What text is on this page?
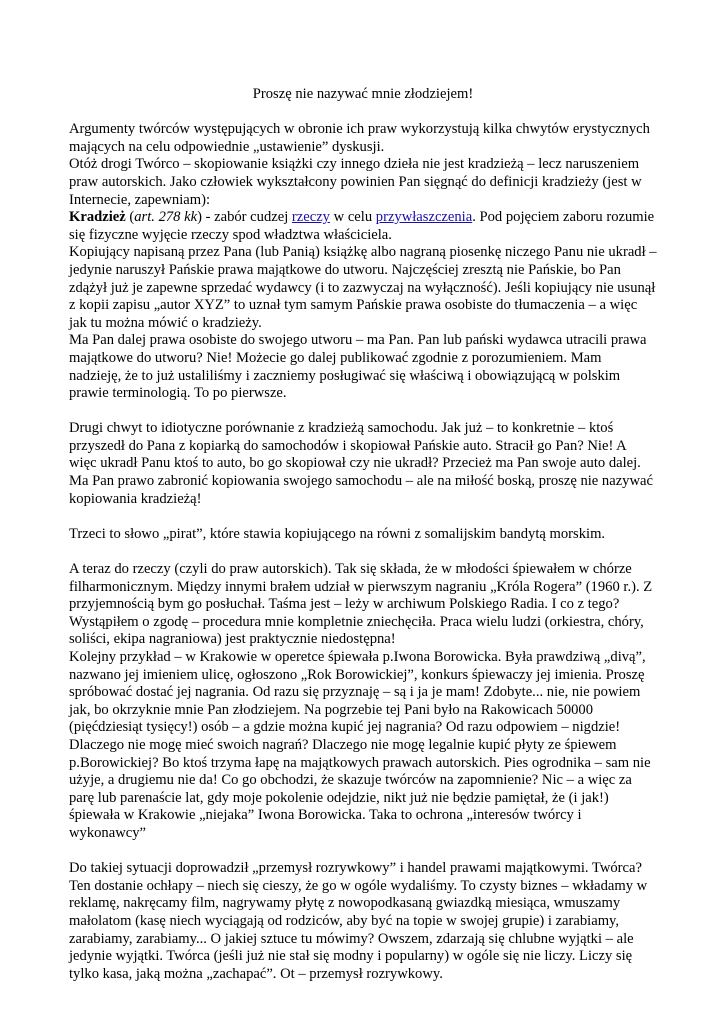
Proszę nie nazywać mnie złodziejem!

Argumenty twórców występujących w obronie ich praw wykorzystują kilka chwytów erystycznych mających na celu odpowiednie „ustawienie” dyskusji.

Otóż drogi Twórco – skopiowanie książki czy innego dzieła nie jest kradzieżą – lecz naruszeniem praw autorskich. Jako człowiek wykształcony powinien Pan sięgnąć do definicji kradzieży (jest w Internecie, zapewniam):

Kradzież (art. 278 kk) - zabór cudzej rzeczy w celu przywłaszczenia. Pod pojęciem zaboru rozumie się fizyczne wyjęcie rzeczy spod władztwa właściciela.

Kopiujący napisaną przez Pana (lub Panią) książkę albo nagraną piosenkę niczego Panu nie ukradł – jedynie naruszył Pańskie prawa majątkowe do utworu. Najczęściej zresztą nie Pańskie, bo Pan zdążył już je zapewne sprzedać wydawcy (i to zazwyczaj na wyłączność). Jeśli kopiujący nie usunął z kopii zapisu „autor XYZ” to uznał tym samym Pańskie prawa osobiste do tłumaczenia – a więc jak tu można mówić o kradzieży.

Ma Pan dalej prawa osobiste do swojego utworu – ma Pan. Pan lub pański wydawca utracili prawa majątkowe do utworu? Nie! Możecie go dalej publikować zgodnie z porozumieniem. Mam nadzieję, że to już ustaliliśmy i zaczniemy posługiwać się właściwą i obowiązującą w polskim prawie terminologią. To po pierwsze.

Drugi chwyt to idiotyczne porównanie z kradzieżą samochodu. Jak już – to konkretnie – ktoś przyszedł do Pana z kopiarką do samochodów i skopiował Pańskie auto. Stracił go Pan? Nie! A więc ukradł Panu ktoś to auto, bo go skopiował czy nie ukradł? Przecież ma Pan swoje auto dalej. Ma Pan prawo zabronić kopiowania swojego samochodu – ale na miłość boską, proszę nie nazywać kopiowania kradzieżą!

Trzeci to słowo „pirat”, które stawia kopiującego na równi z somalijskim bandytą morskim.

A teraz do rzeczy (czyli do praw autorskich). Tak się składa, że w młodości śpiewałem w chórze filharmonicznym. Między innymi brałem udział w pierwszym nagraniu „Króla Rogera” (1960 r.). Z przyjemnością bym go posłuchał. Taśma jest – leży w archiwum Polskiego Radia. I co z tego? Wystąpiłem o zgodę – procedura mnie kompletnie zniechęciła. Praca wielu ludzi (orkiestra, chóry, soliści, ekipa nagraniowa) jest praktycznie niedostępna!

Kolejny przykład – w Krakowie w operetce śpiewała p.Iwona Borowicka. Była prawdziwą „divą”, nazwano jej imieniem ulicę, ogłoszono „Rok Borowickiej”, konkurs śpiewaczy jej imienia. Proszę spróbować dostać jej nagrania. Od razu się przyznaję – są i ja je mam! Zdobyte... nie, nie powiem jak, bo okrzyknie mnie Pan złodziejem. Na pogrzebie tej Pani było na Rakowicach 50000 (pięćdziesiąt tysięcy!) osób – a gdzie można kupić jej nagrania? Od razu odpowiem – nigdzie! Dlaczego nie mogę mieć swoich nagrań? Dlaczego nie mogę legalnie kupić płyty ze śpiewem p.Borowickiej? Bo ktoś trzyma łapę na majątkowych prawach autorskich. Pies ogrodnika – sam nie użyje, a drugiemu nie da! Co go obchodzi, że skazuje twórców na zapomnienie? Nic – a więc za parę lub parenaście lat, gdy moje pokolenie odejdzie, nikt już nie będzie pamiętał, że (i jak!) śpiewała w Krakowie „niejaka” Iwona Borowicka. Taka to ochrona „interesów twórcy i wykonawcy”

Do takiej sytuacji doprowadził „przemysł rozrywkowy” i handel prawami majątkowymi. Twórca? Ten dostanie ochłapy – niech się cieszy, że go w ogóle wydaliśmy. To czysty biznes – wkładamy w reklamę, nakręcamy film, nagrywamy płytę z nowopodkasaną gwiazdką miesiąca, wmuszamy małolatom (kasę niech wyciągają od rodziców, aby być na topie w swojej grupie) i zarabiamy, zarabiamy, zarabiamy... O jakiej sztuce tu mówimy? Owszem, zdarzają się chlubne wyjątki – ale jedynie wyjątki. Twórca (jeśli już nie stał się modny i popularny) w ogóle się nie liczy. Liczy się tylko kasa, jaką można „zachapać”. Ot – przemysł rozrywkowy.
